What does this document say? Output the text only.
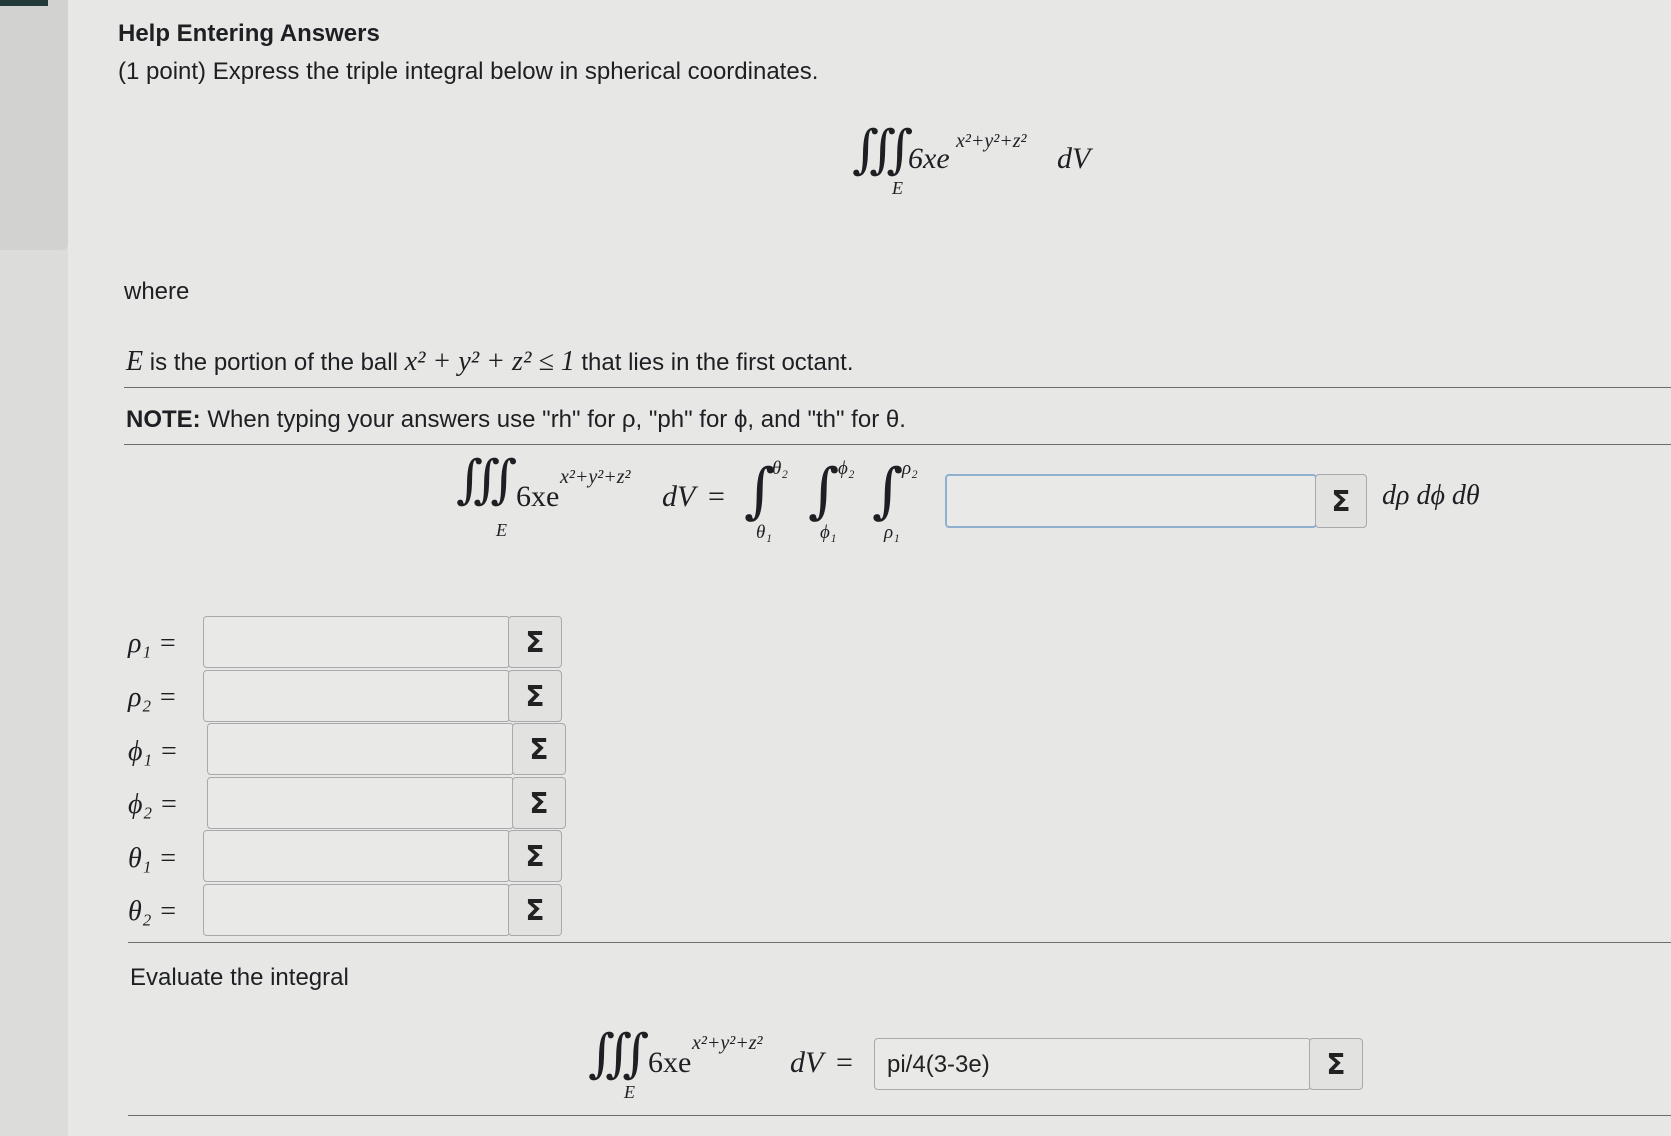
Help Entering Answers
(1 point) Express the triple integral below in spherical coordinates.
∭
E
6xe
x²+y²+z²
dV
where
E is the portion of the ball x² + y² + z² ≤ 1 that lies in the first octant.
NOTE: When typing your answers use "rh" for ρ, "ph" for ϕ, and "th" for θ.
∭
E
6xe
x²+y²+z²
dV = ∫
θ₂
θ₁
∫
ϕ₂
ϕ₁
∫
ρ₂
ρ₁
Σ dρ dϕ dθ
ρ₁ =	Σ
ρ₂ =	Σ
ϕ₁ =	Σ
ϕ₂ =	Σ
θ₁ =	Σ
θ₂ =	Σ
Evaluate the integral
∭
E
6xe
x²+y²+z²
dV = pi/4(3-3e)	Σ
